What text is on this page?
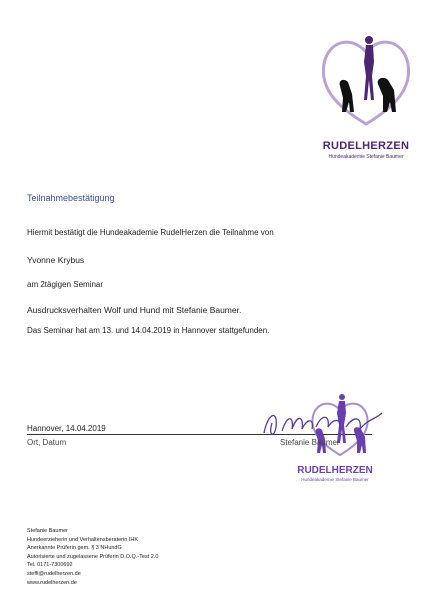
RUDELHERZEN
Hundeakademie Stefanie Baumer
Teilnahmebestätigung
Hiermit bestätigt die Hundeakademie RudelHerzen die Teilnahme von
Yvonne Krybus
am 2tägigen Seminar
Ausdrucksverhalten Wolf und Hund mit Stefanie Baumer.
Das Seminar hat am 13. und 14.04.2019 in Hannover stattgefunden.
Hannover, 14.04.2019
Ort, Datum	Stefanie Baumer
RUDELHERZEN
Hundeakademie Stefanie Baumer
Stefanie Baumer
Hundeerzieherin und Verhaltensberaterin IHK
Anerkannte Prüferin gem. § 3 NHundG
Autorisierte und zugelassene Prüferin D.O.Q.-Test 2.0
Tel. 0171-7300692
steffi@rudelherzen.de
www.rudelherzen.de
